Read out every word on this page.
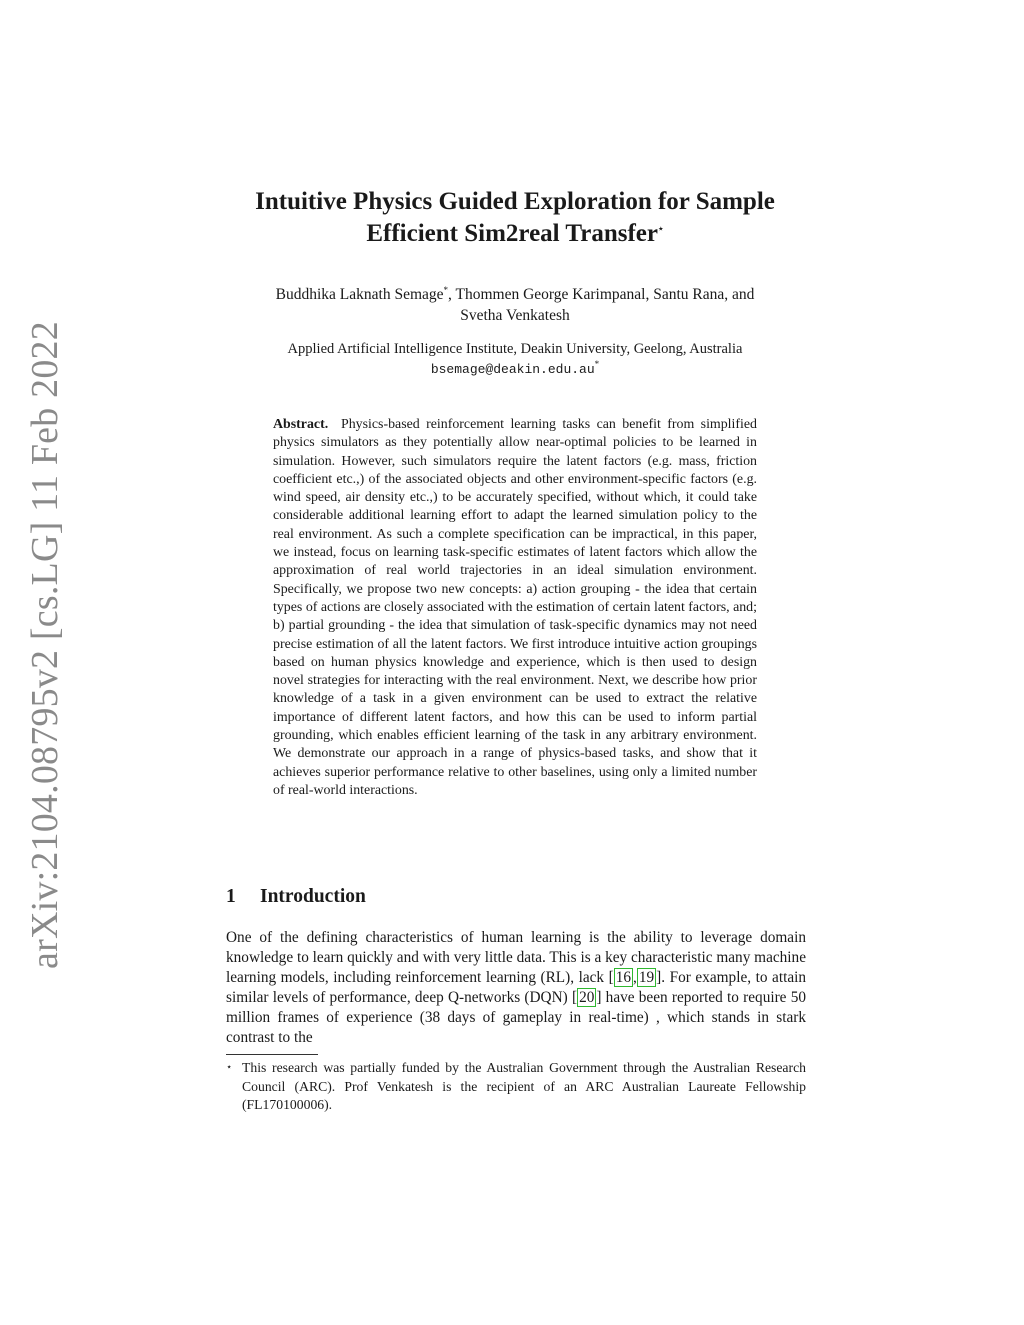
arXiv:2104.08795v2 [cs.LG] 11 Feb 2022
Intuitive Physics Guided Exploration for Sample
Efficient Sim2real Transfer⋆
Buddhika Laknath Semage*, Thommen George Karimpanal, Santu Rana, and
Svetha Venkatesh
Applied Artificial Intelligence Institute, Deakin University, Geelong, Australia
bsemage@deakin.edu.au*
Abstract. Physics-based reinforcement learning tasks can benefit from simplified physics simulators as they potentially allow near-optimal policies to be learned in simulation. However, such simulators require the latent factors (e.g. mass, friction coefficient etc.,) of the associated objects and other environment-specific factors (e.g. wind speed, air density etc.,) to be accurately specified, without which, it could take considerable additional learning effort to adapt the learned simulation policy to the real environment. As such a complete specification can be impractical, in this paper, we instead, focus on learning task-specific estimates of latent factors which allow the approximation of real world trajectories in an ideal simulation environment. Specifically, we propose two new concepts: a) action grouping - the idea that certain types of actions are closely associated with the estimation of certain latent factors, and; b) partial grounding - the idea that simulation of task-specific dynamics may not need precise estimation of all the latent factors. We first introduce intuitive action groupings based on human physics knowledge and experience, which is then used to design novel strategies for interacting with the real environment. Next, we describe how prior knowledge of a task in a given environment can be used to extract the relative importance of different latent factors, and how this can be used to inform partial grounding, which enables efficient learning of the task in any arbitrary environment. We demonstrate our approach in a range of physics-based tasks, and show that it achieves superior performance relative to other baselines, using only a limited number of real-world interactions.
1 Introduction
One of the defining characteristics of human learning is the ability to leverage domain knowledge to learn quickly and with very little data. This is a key characteristic many machine learning models, including reinforcement learning (RL), lack [ 16 , 19 ]. For example, to attain similar levels of performance, deep Q-networks (DQN) [ 20 ] have been reported to require 50 million frames of experience (38 days of gameplay in real-time) , which stands in stark contrast to the
⋆ This research was partially funded by the Australian Government through the Australian Research Council (ARC). Prof Venkatesh is the recipient of an ARC Australian Laureate Fellowship (FL170100006).
